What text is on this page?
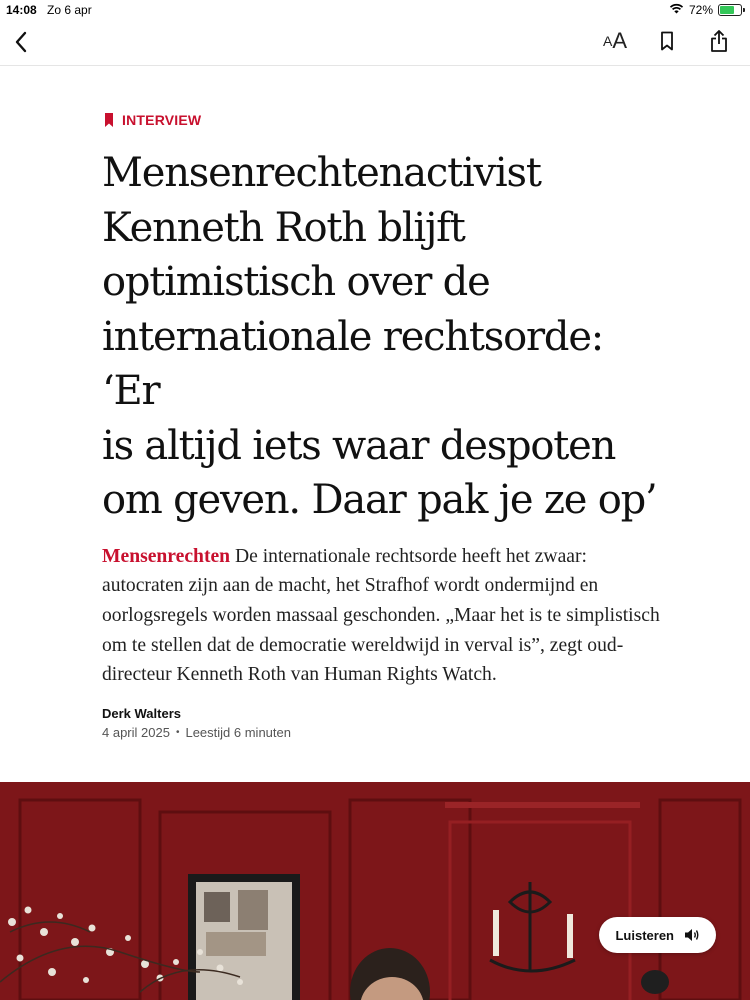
14:08 Zo 6 apr	72%
A A
INTERVIEW
Mensenrechtenactivist
Kenneth Roth blijft
optimistisch over de
internationale rechtsorde: ‘Er
is altijd iets waar despoten
om geven. Daar pak je ze op’

Mensenrechten De internationale rechtsorde heeft het zwaar: autocraten zijn aan de macht, het Strafhof wordt ondermijnd en oorlogsregels worden massaal geschonden. „Maar het is te simplistisch om te stellen dat de democratie wereldwijd in verval is”, zegt oud-directeur Kenneth Roth van Human Rights Watch.

Derk Walters
4 april 2025 • Leestijd 6 minuten
Luisteren
